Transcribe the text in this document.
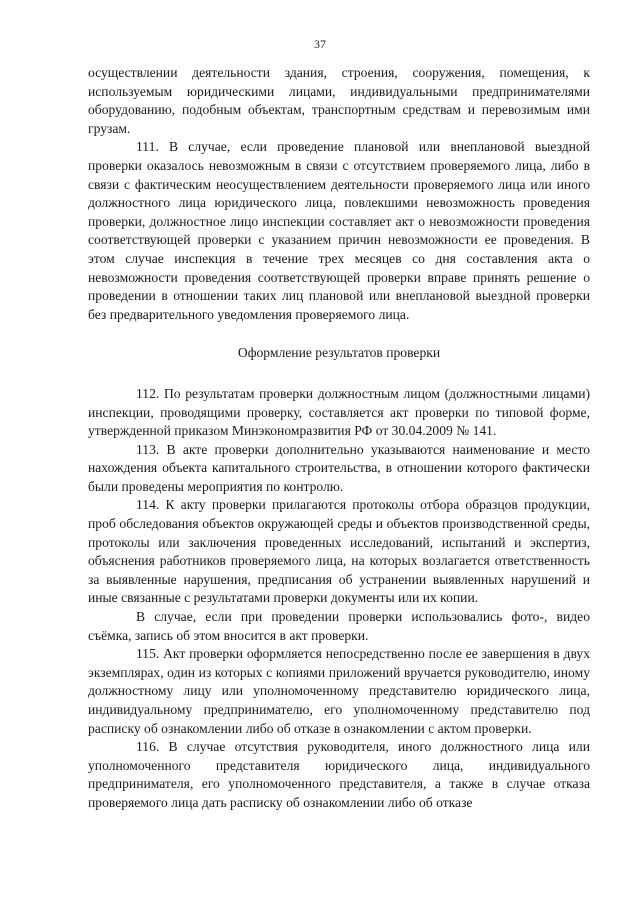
37

осуществлении деятельности здания, строения, сооружения, помещения, к используемым юридическими лицами, индивидуальными предпринимателями оборудованию, подобным объектам, транспортным средствам и перевозимым ими грузам.

111. В случае, если проведение плановой или внеплановой выездной проверки оказалось невозможным в связи с отсутствием проверяемого лица, либо в связи с фактическим неосуществлением деятельности проверяемого лица или иного должностного лица юридического лица, повлекшими невозможность проведения проверки, должностное лицо инспекции составляет акт о невозможности проведения соответствующей проверки с указанием причин невозможности ее проведения. В этом случае инспекция в течение трех месяцев со дня составления акта о невозможности проведения соответствующей проверки вправе принять решение о проведении в отношении таких лиц плановой или внеплановой выездной проверки без предварительного уведомления проверяемого лица.

Оформление результатов проверки

112. По результатам проверки должностным лицом (должностными лицами) инспекции, проводящими проверку, составляется акт проверки по типовой форме, утвержденной приказом Минэкономразвития РФ от 30.04.2009 № 141.

113. В акте проверки дополнительно указываются наименование и место нахождения объекта капитального строительства, в отношении которого фактически были проведены мероприятия по контролю.

114. К акту проверки прилагаются протоколы отбора образцов продукции, проб обследования объектов окружающей среды и объектов производственной среды, протоколы или заключения проведенных исследований, испытаний и экспертиз, объяснения работников проверяемого лица, на которых возлагается ответственность за выявленные нарушения, предписания об устранении выявленных нарушений и иные связанные с результатами проверки документы или их копии.

В случае, если при проведении проверки использовались фото-, видео съёмка, запись об этом вносится в акт проверки.

115. Акт проверки оформляется непосредственно после ее завершения в двух экземплярах, один из которых с копиями приложений вручается руководителю, иному должностному лицу или уполномоченному представителю юридического лица, индивидуальному предпринимателю, его уполномоченному представителю под расписку об ознакомлении либо об отказе в ознакомлении с актом проверки.

116. В случае отсутствия руководителя, иного должностного лица или уполномоченного представителя юридического лица, индивидуального предпринимателя, его уполномоченного представителя, а также в случае отказа проверяемого лица дать расписку об ознакомлении либо об отказе
